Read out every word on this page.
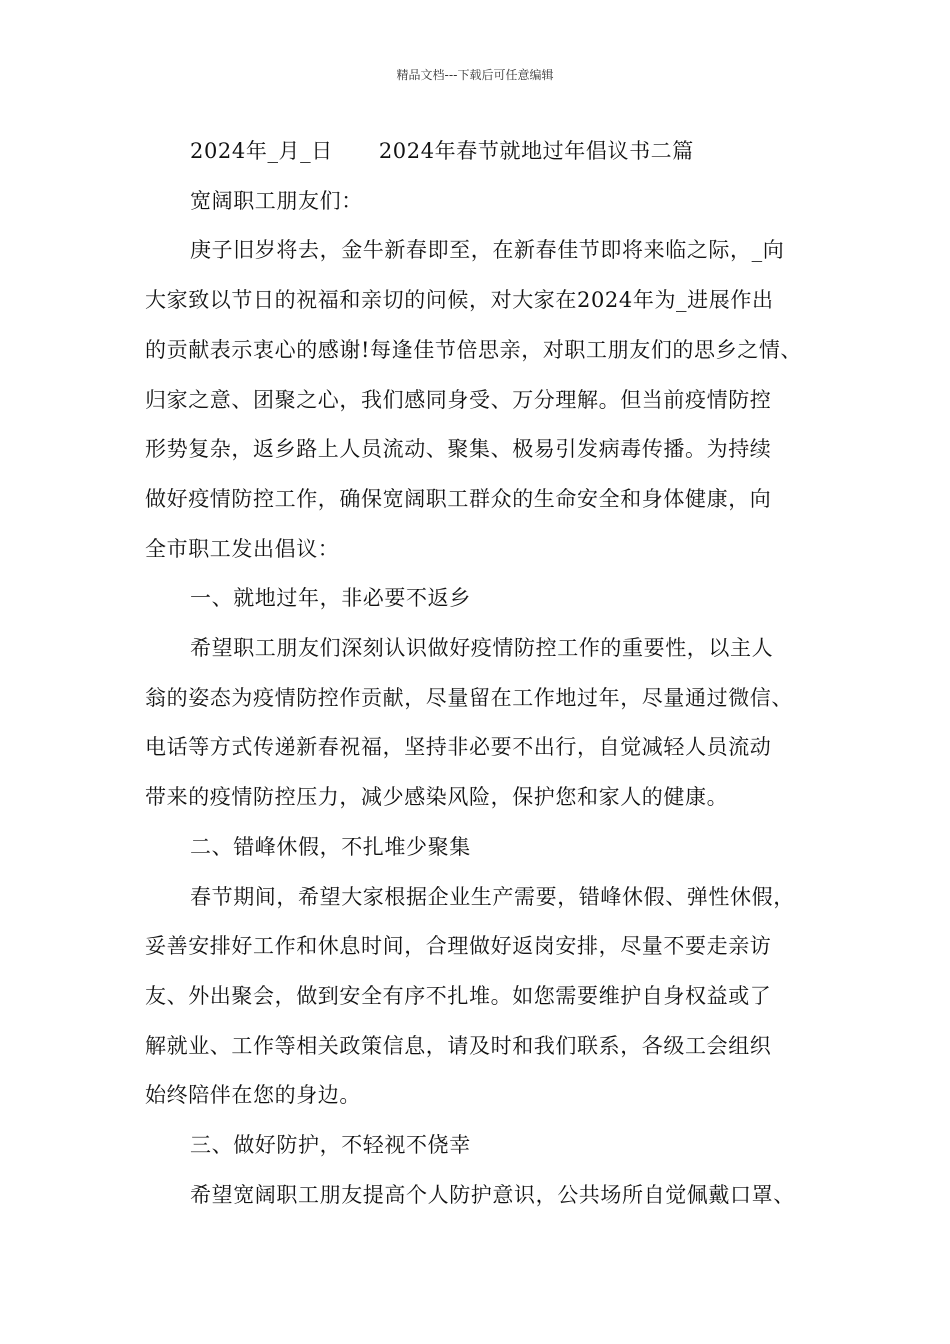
精品文档---下载后可任意编辑

2024年_月_日 2024年春节就地过年倡议书二篇

宽阔职工朋友们：

庚子旧岁将去，金牛新春即至，在新春佳节即将来临之际，_向
大家致以节日的祝福和亲切的问候，对大家在2024年为_进展作出
的贡献表示衷心的感谢!每逢佳节倍思亲，对职工朋友们的思乡之情、
归家之意、团聚之心，我们感同身受、万分理解。但当前疫情防控
形势复杂，返乡路上人员流动、聚集、极易引发病毒传播。为持续
做好疫情防控工作，确保宽阔职工群众的生命安全和身体健康，向
全市职工发出倡议：

一、就地过年，非必要不返乡

希望职工朋友们深刻认识做好疫情防控工作的重要性，以主人
翁的姿态为疫情防控作贡献，尽量留在工作地过年，尽量通过微信、
电话等方式传递新春祝福，坚持非必要不出行，自觉减轻人员流动
带来的疫情防控压力，减少感染风险，保护您和家人的健康。

二、错峰休假，不扎堆少聚集

春节期间，希望大家根据企业生产需要，错峰休假、弹性休假，
妥善安排好工作和休息时间，合理做好返岗安排，尽量不要走亲访
友、外出聚会，做到安全有序不扎堆。如您需要维护自身权益或了
解就业、工作等相关政策信息，请及时和我们联系，各级工会组织
始终陪伴在您的身边。

三、做好防护，不轻视不侥幸

希望宽阔职工朋友提高个人防护意识，公共场所自觉佩戴口罩、
